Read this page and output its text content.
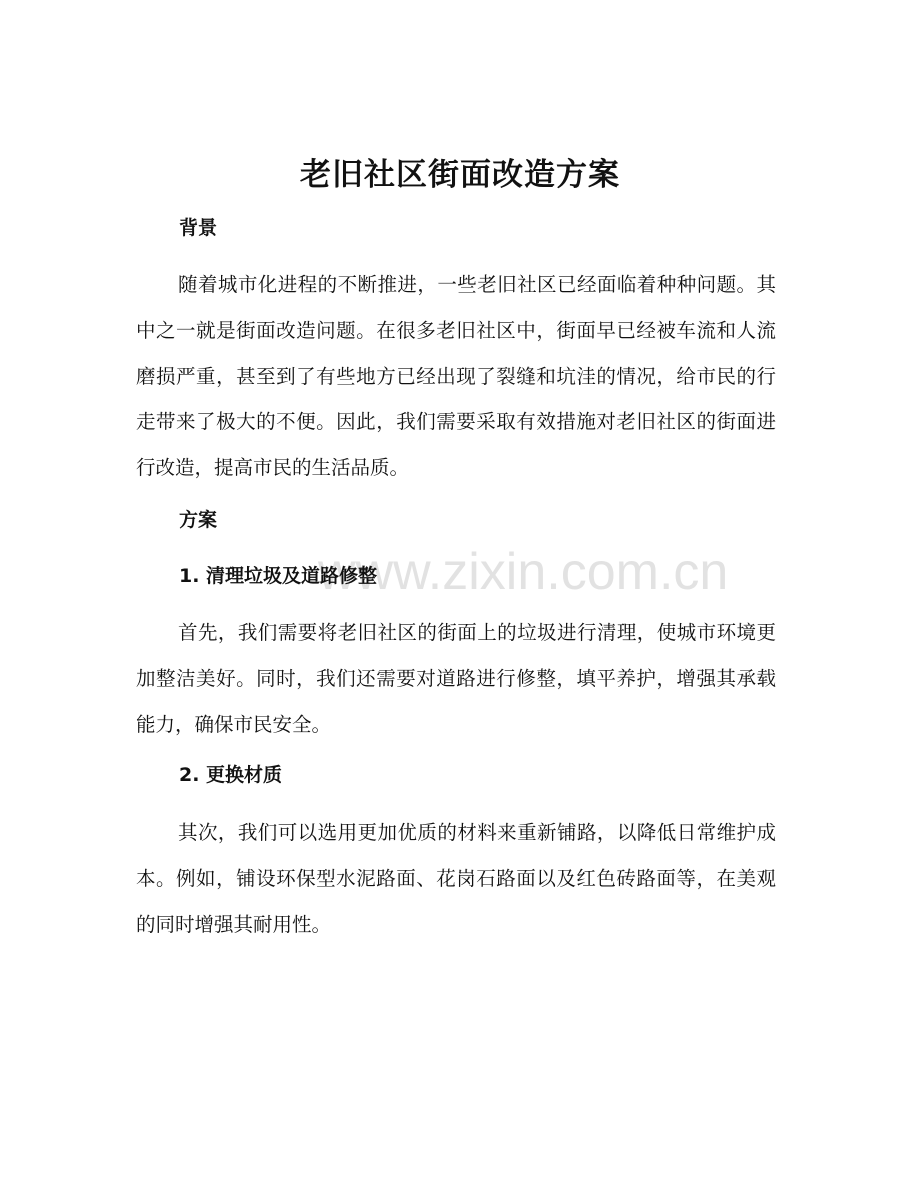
www.zixin.com.cn
老旧社区街面改造方案
背景

随着城市化进程的不断推进，一些老旧社区已经面临着种种问题。其中之一就是街面改造问题。在很多老旧社区中，街面早已经被车流和人流磨损严重，甚至到了有些地方已经出现了裂缝和坑洼的情况，给市民的行走带来了极大的不便。因此，我们需要采取有效措施对老旧社区的街面进行改造，提高市民的生活品质。

方案
1. 清理垃圾及道路修整

首先，我们需要将老旧社区的街面上的垃圾进行清理，使城市环境更加整洁美好。同时，我们还需要对道路进行修整，填平养护，增强其承载能力，确保市民安全。

2. 更换材质

其次，我们可以选用更加优质的材料来重新铺路，以降低日常维护成本。例如，铺设环保型水泥路面、花岗石路面以及红色砖路面等，在美观的同时增强其耐用性。
